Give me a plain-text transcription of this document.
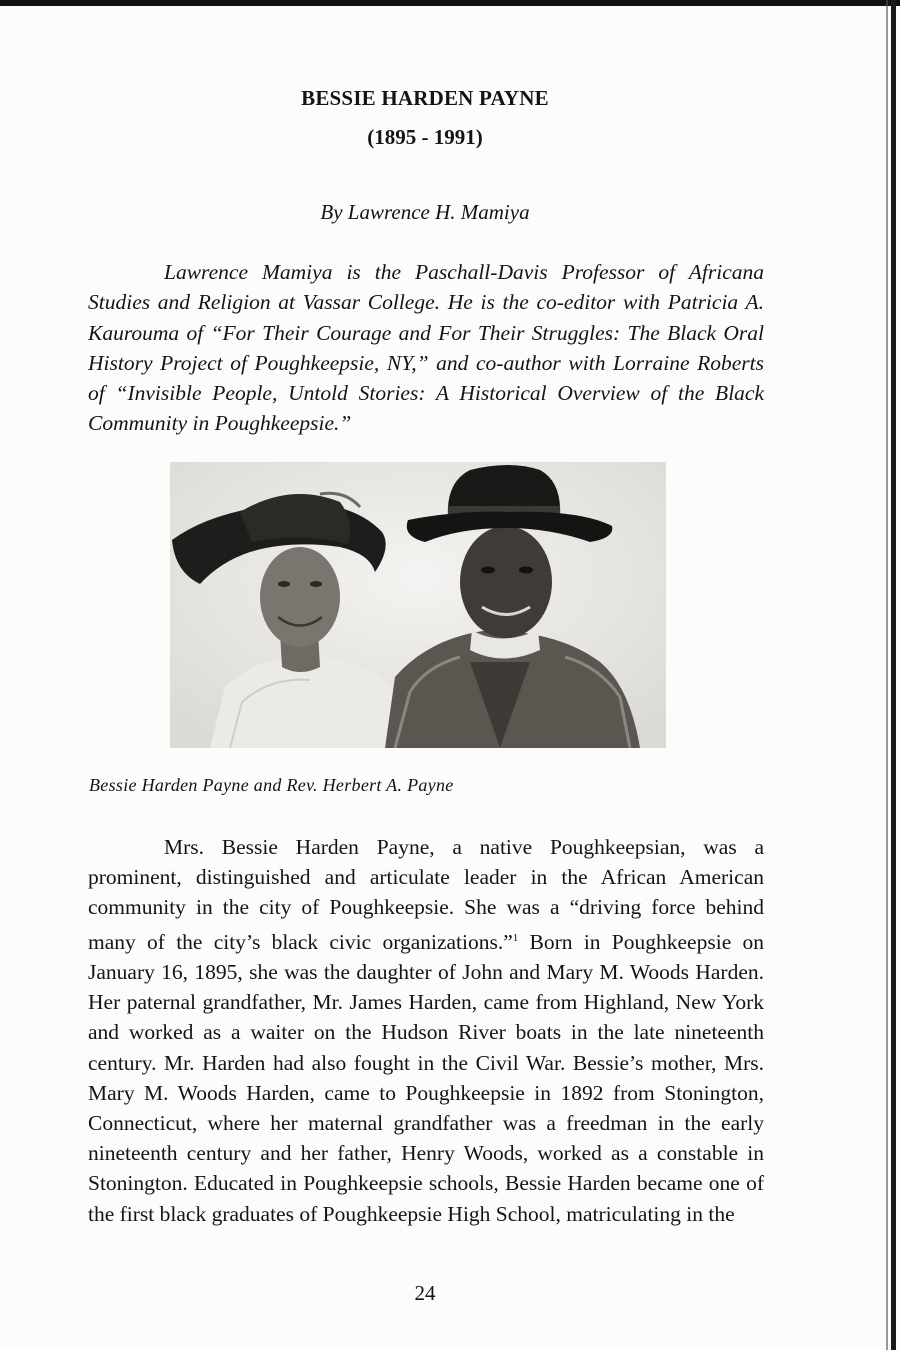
BESSIE HARDEN PAYNE
(1895 - 1991)
By Lawrence H. Mamiya

Lawrence Mamiya is the Paschall-Davis Professor of Africana Studies and Religion at Vassar College. He is the co-editor with Patricia A. Kaurouma of “For Their Courage and For Their Struggles: The Black Oral History Project of Poughkeepsie, NY,” and co-author with Lorraine Roberts of “Invisible People, Untold Stories: A Historical Overview of the Black Community in Poughkeepsie.”

Bessie Harden Payne and Rev. Herbert A. Payne

Mrs. Bessie Harden Payne, a native Poughkeepsian, was a prominent, distinguished and articulate leader in the African American community in the city of Poughkeepsie. She was a “driving force behind many of the city’s black civic organizations.”$^1$ Born in Poughkeepsie on January 16, 1895, she was the daughter of John and Mary M. Woods Harden. Her paternal grandfather, Mr. James Harden, came from Highland, New York and worked as a waiter on the Hudson River boats in the late nineteenth century. Mr. Harden had also fought in the Civil War. Bessie’s mother, Mrs. Mary M. Woods Harden, came to Poughkeepsie in 1892 from Stonington, Connecticut, where her maternal grandfather was a freedman in the early nineteenth century and her father, Henry Woods, worked as a constable in Stonington. Educated in Poughkeepsie schools, Bessie Harden became one of the first black graduates of Poughkeepsie High School, matriculating in the

24
